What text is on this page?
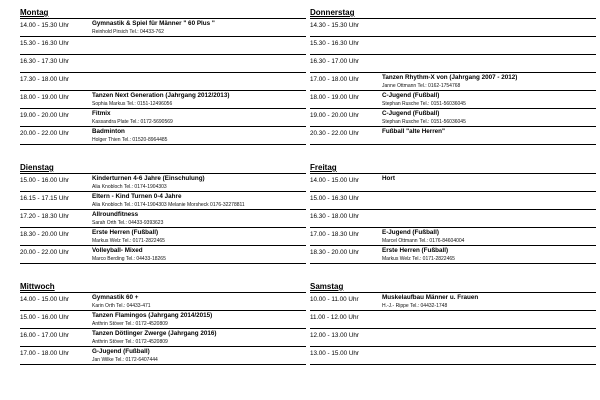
Montag
14.00 - 15.30 Uhr	Gymnastik & Spiel für Männer " 60 Plus "
Reinhold Pirsich Tel.: 04433-762
15.30 - 16.30 Uhr
16.30 - 17.30 Uhr
17.30 - 18.00 Uhr
18.00 - 19.00 Uhr	Tanzen Next Generation (Jahrgang 2012/2013)
Sophia Markus Tel.: 0151-12496056
19.00 - 20.00 Uhr	Fitmix
Kassandra Plate Tel.: 0172-5690569
20.00 - 22.00 Uhr	Badminton
Holger Thien Tel.: 01520-8964485
Dienstag
15.00 - 16.00 Uhr	Kinderturnen 4-6 Jahre (Einschulung)
Alia Knobloch Tel.: 0174-1904303
16.15 - 17.15 Uhr	Eltern - Kind Turnen 0-4 Jahre
Alia Knobloch Tel.: 0174-1904303 Melanie Morsheck 0176-32278811
17.20 - 18.30 Uhr	Allroundfitness
Sarah Orth Tel.: 04433-9393623
18.30 - 20.00 Uhr	Erste Herren (Fußball)
Markus Welz Tel.: 0171-2822465
20.00 - 22.00 Uhr	Volleyball- Mixed
Marco Berding Tel.: 04433-18265
Mittwoch
14.00 - 15.00 Uhr	Gymnastik 60 +
Karin Orth Tel.: 04433-471
15.00 - 16.00 Uhr	Tanzen Flamingos (Jahrgang 2014/2015)
Anthrin Stöver Tel.: 0172-4520809
16.00 - 17.00 Uhr	Tanzen Dötlinger Zwerge (Jahrgang 2016)
Anthrin Stöver Tel.: 0172-4520809
17.00 - 18.00 Uhr	G-Jugend (Fußball)
Jan Wilke Tel.: 0172-6407444
Donnerstag
14.30 - 15.30 Uhr
15.30 - 16.30 Uhr
16.30 - 17.00 Uhr
17.00 - 18.00 Uhr	Tanzen Rhythm-X von (Jahrgang 2007 - 2012)
Janne Ottmann Tel.: 0162-1754768
18.00 - 19.00 Uhr	C-Jugend (Fußball)
Stephan Rusche Tel.: 0151-56036045
19.00 - 20.00 Uhr	C-Jugend (Fußball)
Stephan Rusche Tel.: 0151-56036045
20.30 - 22.00 Uhr	Fußball "alte Herren"
Freitag
14.00 - 15.00 Uhr	Hort
15.00 - 16.30 Uhr
16.30 - 18.00 Uhr
17.00 - 18.30 Uhr	E-Jugend (Fußball)
Marcel Ottmann Tel.: 0176-84604004
18.30 - 20.00 Uhr	Erste Herren (Fußball)
Markus Welz Tel.: 0171-2822465
Samstag
10.00 - 11.00 Uhr	Muskelaufbau Männer u. Frauen
H.-J.- Rippe Tel.: 04432-1748
11.00 - 12.00 Uhr
12.00 - 13.00 Uhr
13.00 - 15.00 Uhr
